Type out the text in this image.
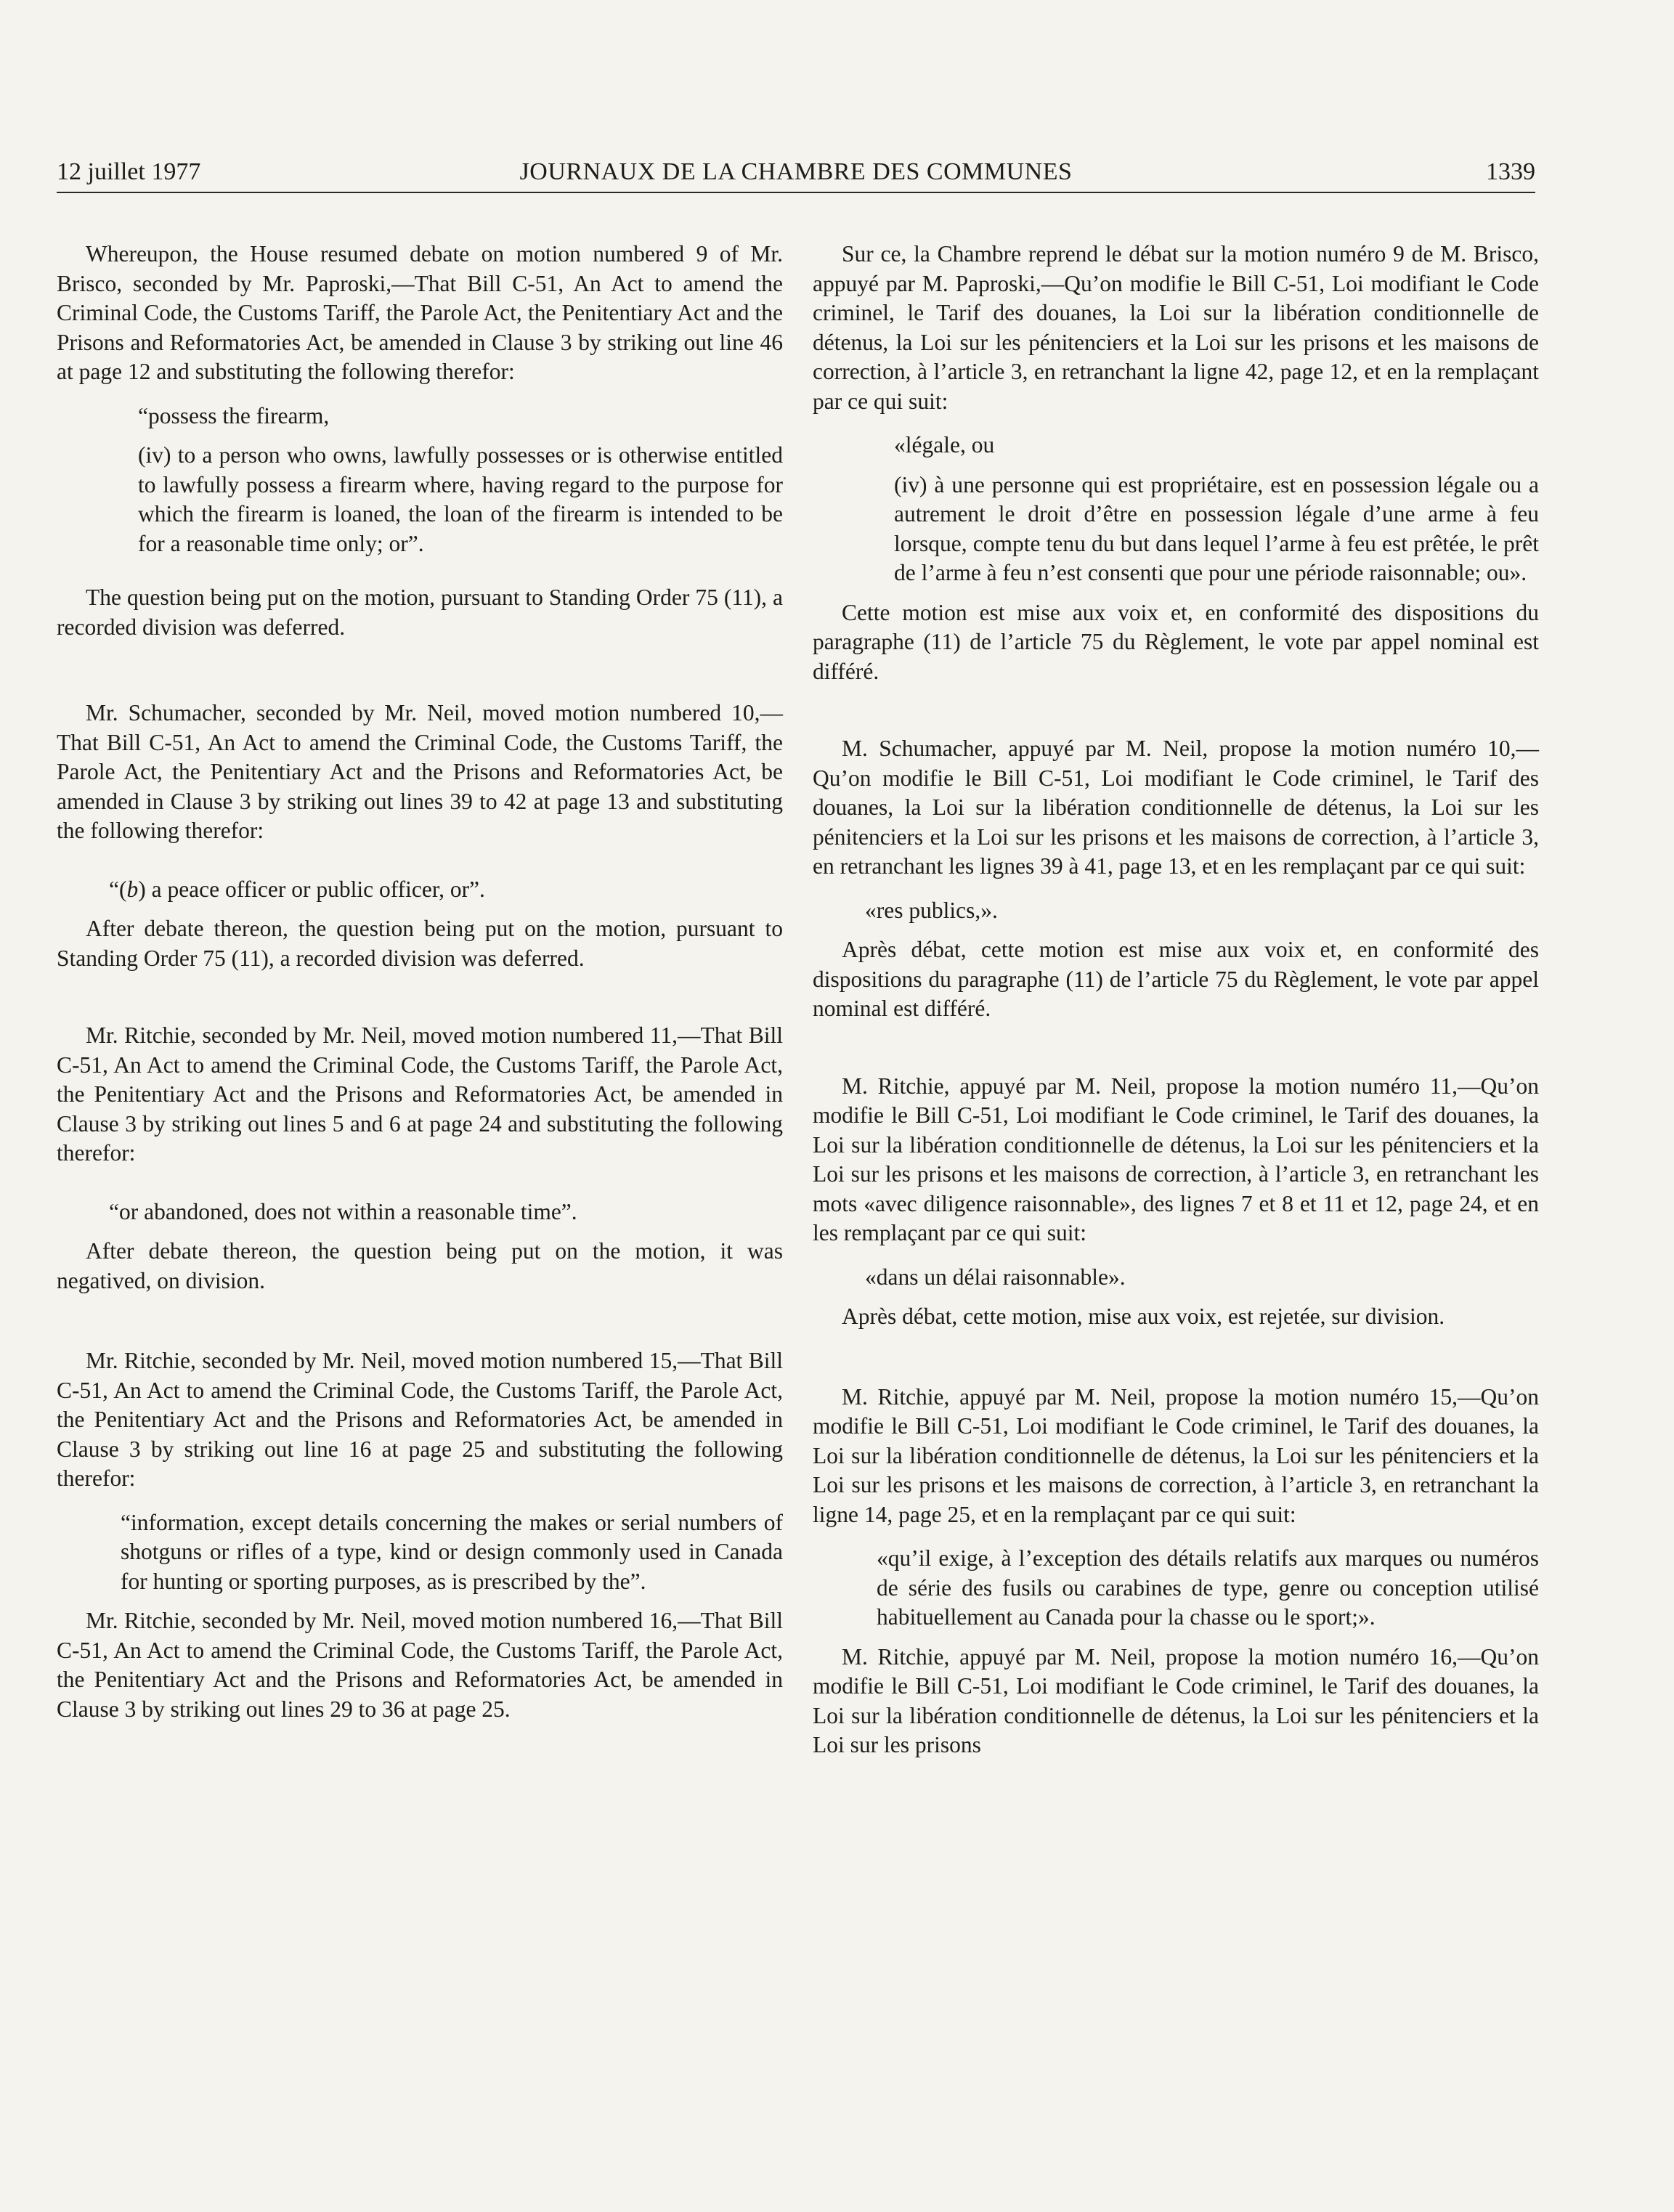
12 juillet 1977	JOURNAUX DE LA CHAMBRE DES COMMUNES	1339

Whereupon, the House resumed debate on motion numbered 9 of Mr. Brisco, seconded by Mr. Paproski,—That Bill C-51, An Act to amend the Criminal Code, the Customs Tariff, the Parole Act, the Penitentiary Act and the Prisons and Reformatories Act, be amended in Clause 3 by striking out line 46 at page 12 and substituting the following therefor:

“possess the firearm,

(iv) to a person who owns, lawfully possesses or is otherwise entitled to lawfully possess a firearm where, having regard to the purpose for which the firearm is loaned, the loan of the firearm is intended to be for a reasonable time only; or”.

The question being put on the motion, pursuant to Standing Order 75 (11), a recorded division was deferred.

Mr. Schumacher, seconded by Mr. Neil, moved motion numbered 10,—That Bill C-51, An Act to amend the Criminal Code, the Customs Tariff, the Parole Act, the Penitentiary Act and the Prisons and Reformatories Act, be amended in Clause 3 by striking out lines 39 to 42 at page 13 and substituting the following therefor:

“(b) a peace officer or public officer, or”.

After debate thereon, the question being put on the motion, pursuant to Standing Order 75 (11), a recorded division was deferred.

Mr. Ritchie, seconded by Mr. Neil, moved motion numbered 11,—That Bill C-51, An Act to amend the Criminal Code, the Customs Tariff, the Parole Act, the Penitentiary Act and the Prisons and Reformatories Act, be amended in Clause 3 by striking out lines 5 and 6 at page 24 and substituting the following therefor:

“or abandoned, does not within a reasonable time”.

After debate thereon, the question being put on the motion, it was negatived, on division.

Mr. Ritchie, seconded by Mr. Neil, moved motion numbered 15,—That Bill C-51, An Act to amend the Criminal Code, the Customs Tariff, the Parole Act, the Penitentiary Act and the Prisons and Reformatories Act, be amended in Clause 3 by striking out line 16 at page 25 and substituting the following therefor:

“information, except details concerning the makes or serial numbers of shotguns or rifles of a type, kind or design commonly used in Canada for hunting or sporting purposes, as is prescribed by the”.

Mr. Ritchie, seconded by Mr. Neil, moved motion numbered 16,—That Bill C-51, An Act to amend the Criminal Code, the Customs Tariff, the Parole Act, the Penitentiary Act and the Prisons and Reformatories Act, be amended in Clause 3 by striking out lines 29 to 36 at page 25.

Sur ce, la Chambre reprend le débat sur la motion numéro 9 de M. Brisco, appuyé par M. Paproski,—Qu’on modifie le Bill C-51, Loi modifiant le Code criminel, le Tarif des douanes, la Loi sur la libération conditionnelle de détenus, la Loi sur les pénitenciers et la Loi sur les prisons et les maisons de correction, à l’article 3, en retranchant la ligne 42, page 12, et en la remplaçant par ce qui suit:

«légale, ou

(iv) à une personne qui est propriétaire, est en possession légale ou a autrement le droit d’être en possession légale d’une arme à feu lorsque, compte tenu du but dans lequel l’arme à feu est prêtée, le prêt de l’arme à feu n’est consenti que pour une période raisonnable; ou».

Cette motion est mise aux voix et, en conformité des dispositions du paragraphe (11) de l’article 75 du Règlement, le vote par appel nominal est différé.

M. Schumacher, appuyé par M. Neil, propose la motion numéro 10,—Qu’on modifie le Bill C-51, Loi modifiant le Code criminel, le Tarif des douanes, la Loi sur la libération conditionnelle de détenus, la Loi sur les pénitenciers et la Loi sur les prisons et les maisons de correction, à l’article 3, en retranchant les lignes 39 à 41, page 13, et en les remplaçant par ce qui suit:

«res publics,».

Après débat, cette motion est mise aux voix et, en conformité des dispositions du paragraphe (11) de l’article 75 du Règlement, le vote par appel nominal est différé.

M. Ritchie, appuyé par M. Neil, propose la motion numéro 11,—Qu’on modifie le Bill C-51, Loi modifiant le Code criminel, le Tarif des douanes, la Loi sur la libération conditionnelle de détenus, la Loi sur les pénitenciers et la Loi sur les prisons et les maisons de correction, à l’article 3, en retranchant les mots «avec diligence raisonnable», des lignes 7 et 8 et 11 et 12, page 24, et en les remplaçant par ce qui suit:

«dans un délai raisonnable».

Après débat, cette motion, mise aux voix, est rejetée, sur division.

M. Ritchie, appuyé par M. Neil, propose la motion numéro 15,—Qu’on modifie le Bill C-51, Loi modifiant le Code criminel, le Tarif des douanes, la Loi sur la libération conditionnelle de détenus, la Loi sur les pénitenciers et la Loi sur les prisons et les maisons de correction, à l’article 3, en retranchant la ligne 14, page 25, et en la remplaçant par ce qui suit:

«qu’il exige, à l’exception des détails relatifs aux marques ou numéros de série des fusils ou carabines de type, genre ou conception utilisé habituellement au Canada pour la chasse ou le sport;».

M. Ritchie, appuyé par M. Neil, propose la motion numéro 16,—Qu’on modifie le Bill C-51, Loi modifiant le Code criminel, le Tarif des douanes, la Loi sur la libération conditionnelle de détenus, la Loi sur les pénitenciers et la Loi sur les prisons
